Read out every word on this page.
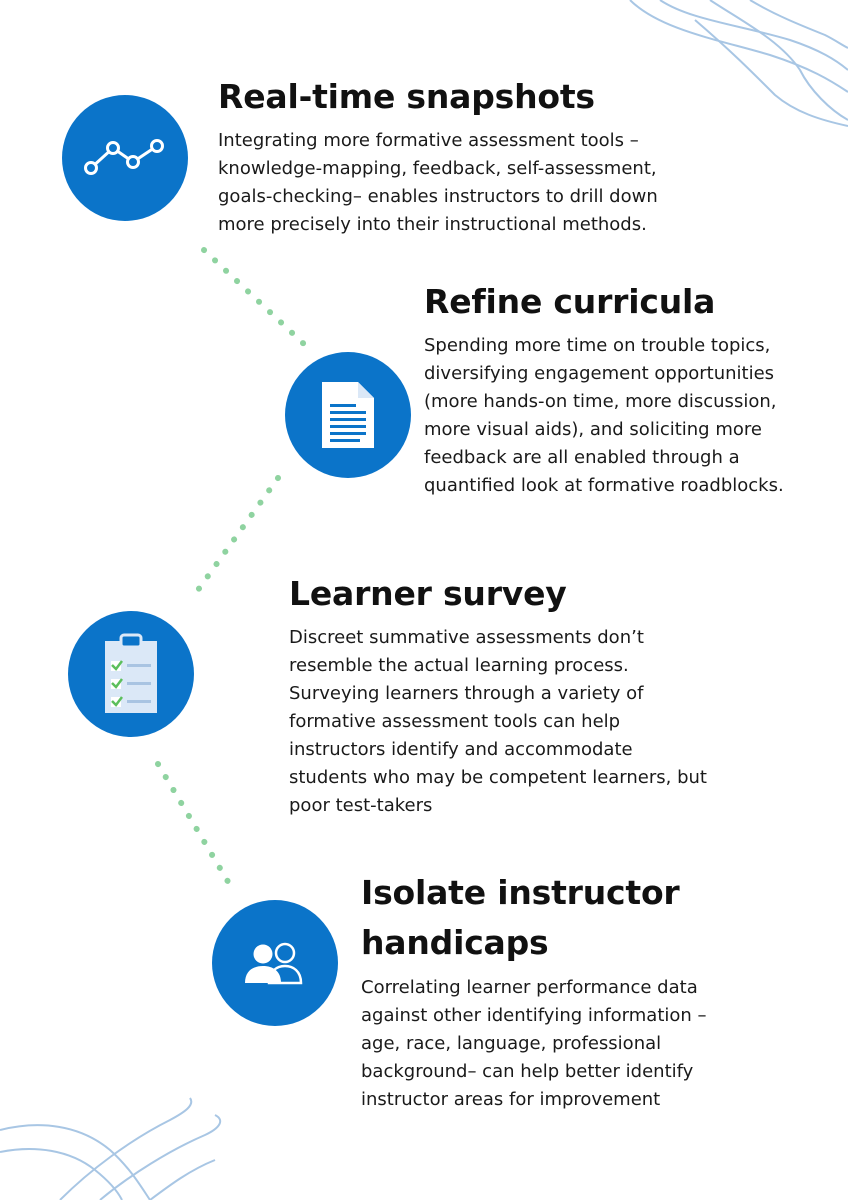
Real-time snapshots

Integrating more formative assessment tools – knowledge-mapping, feedback, self-assessment, goals-checking– enables instructors to drill down more precisely into their instructional methods.

Refine curricula

Spending more time on trouble topics, diversifying engagement opportunities (more hands-on time, more discussion, more visual aids), and soliciting more feedback are all enabled through a quantified look at formative roadblocks.

Learner survey

Discreet summative assessments don’t resemble the actual learning process. Surveying learners through a variety of formative assessment tools can help instructors identify and accommodate students who may be competent learners, but poor test-takers

Isolate instructor handicaps

Correlating learner performance data against other identifying information – age, race, language, professional background– can help better identify instructor areas for improvement
